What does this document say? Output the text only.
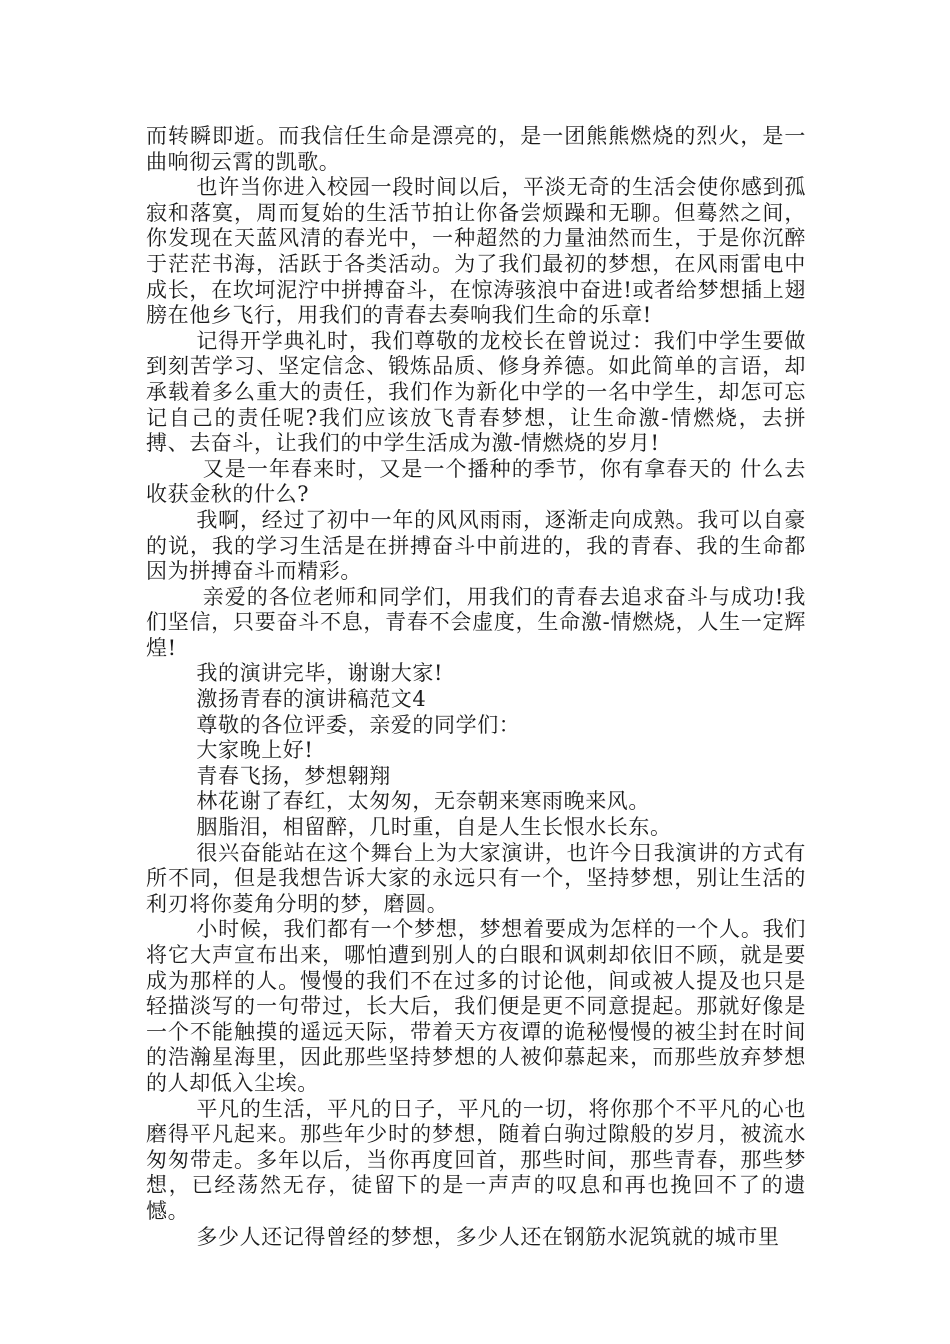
而转瞬即逝。而我信任生命是漂亮的，是一团熊熊燃烧的烈火，是一曲响彻云霄的凯歌。

也许当你进入校园一段时间以后，平淡无奇的生活会使你感到孤寂和落寞，周而复始的生活节拍让你备尝烦躁和无聊。但蓦然之间，你发现在天蓝风清的春光中，一种超然的力量油然而生，于是你沉醉于茫茫书海，活跃于各类活动。为了我们最初的梦想，在风雨雷电中成长，在坎坷泥泞中拼搏奋斗，在惊涛骇浪中奋进!或者给梦想插上翅膀在他乡飞行，用我们的青春去奏响我们生命的乐章!

记得开学典礼时，我们尊敬的龙校长在曾说过：我们中学生要做到刻苦学习、坚定信念、锻炼品质、修身养德。如此简单的言语，却承载着多么重大的责任，我们作为新化中学的一名中学生，却怎可忘记自己的责任呢?我们应该放飞青春梦想，让生命激-情燃烧，去拼搏、去奋斗，让我们的中学生活成为激-情燃烧的岁月!

又是一年春来时，又是一个播种的季节，你有拿春天的 什么去收获金秋的什么?

我啊，经过了初中一年的风风雨雨，逐渐走向成熟。我可以自豪的说，我的学习生活是在拼搏奋斗中前进的，我的青春、我的生命都因为拼搏奋斗而精彩。

亲爱的各位老师和同学们，用我们的青春去追求奋斗与成功!我们坚信，只要奋斗不息，青春不会虚度，生命激-情燃烧，人生一定辉煌!

我的演讲完毕，谢谢大家!

激扬青春的演讲稿范文4

尊敬的各位评委，亲爱的同学们：

大家晚上好!

青春飞扬，梦想翱翔

林花谢了春红，太匆匆，无奈朝来寒雨晚来风。

胭脂泪，相留醉，几时重，自是人生长恨水长东。

很兴奋能站在这个舞台上为大家演讲，也许今日我演讲的方式有所不同，但是我想告诉大家的永远只有一个，坚持梦想，别让生活的利刃将你菱角分明的梦，磨圆。

小时候，我们都有一个梦想，梦想着要成为怎样的一个人。我们将它大声宣布出来，哪怕遭到别人的白眼和讽刺却依旧不顾，就是要成为那样的人。慢慢的我们不在过多的讨论他，间或被人提及也只是轻描淡写的一句带过，长大后，我们便是更不同意提起。那就好像是一个不能触摸的遥远天际，带着天方夜谭的诡秘慢慢的被尘封在时间的浩瀚星海里，因此那些坚持梦想的人被仰慕起来，而那些放弃梦想的人却低入尘埃。

平凡的生活，平凡的日子，平凡的一切，将你那个不平凡的心也磨得平凡起来。那些年少时的梦想，随着白驹过隙般的岁月，被流水匆匆带走。多年以后，当你再度回首，那些时间，那些青春，那些梦想，已经荡然无存，徒留下的是一声声的叹息和再也挽回不了的遗憾。

多少人还记得曾经的梦想，多少人还在钢筋水泥筑就的城市里
